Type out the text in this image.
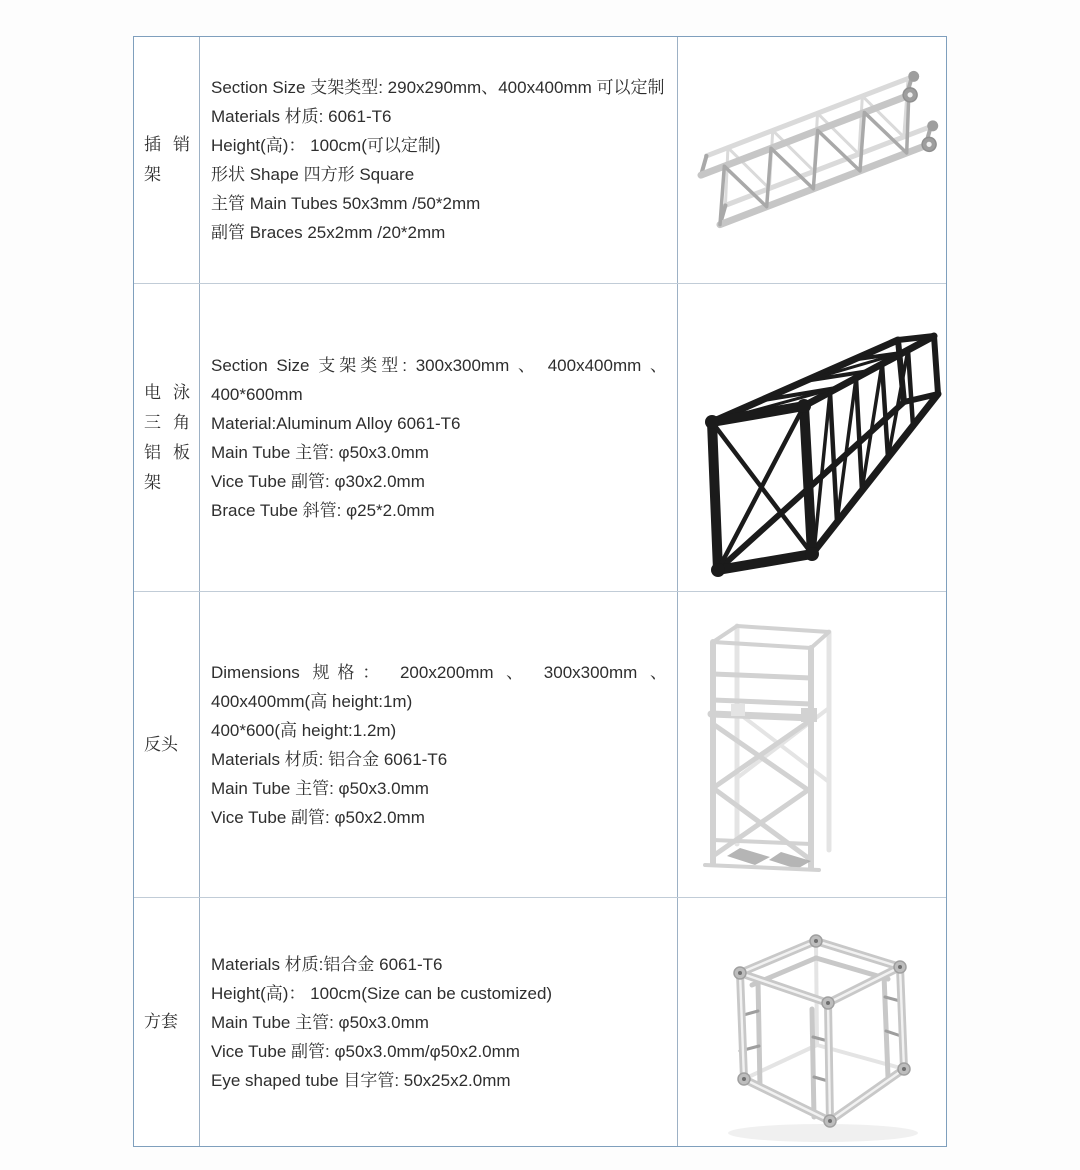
插销架
Section Size 支架类型: 290x290mm、400x400mm 可以定制
Materials 材质: 6061-T6
Height(高)： 100cm(可以定制)
形状 Shape 四方形 Square
主管 Main Tubes 50x3mm /50*2mm
副管 Braces 25x2mm /20*2mm
电泳三角铝板架
Section Size 支架类型: 300x300mm 、 400x400mm 、
400*600mm
Material:Aluminum Alloy 6061-T6
Main Tube 主管: φ50x3.0mm
Vice Tube 副管: φ30x2.0mm
Brace Tube 斜管: φ25*2.0mm
反头
Dimensions 规格： 200x200mm 、 300x300mm 、
400x400mm(高 height:1m)
400*600(高 height:1.2m)
Materials 材质: 铝合金 6061-T6
Main Tube 主管: φ50x3.0mm
Vice Tube 副管: φ50x2.0mm
方套
Materials 材质:铝合金 6061-T6
Height(高)： 100cm(Size can be customized)
Main Tube 主管: φ50x3.0mm
Vice Tube 副管: φ50x3.0mm/φ50x2.0mm
Eye shaped tube 目字管: 50x25x2.0mm
